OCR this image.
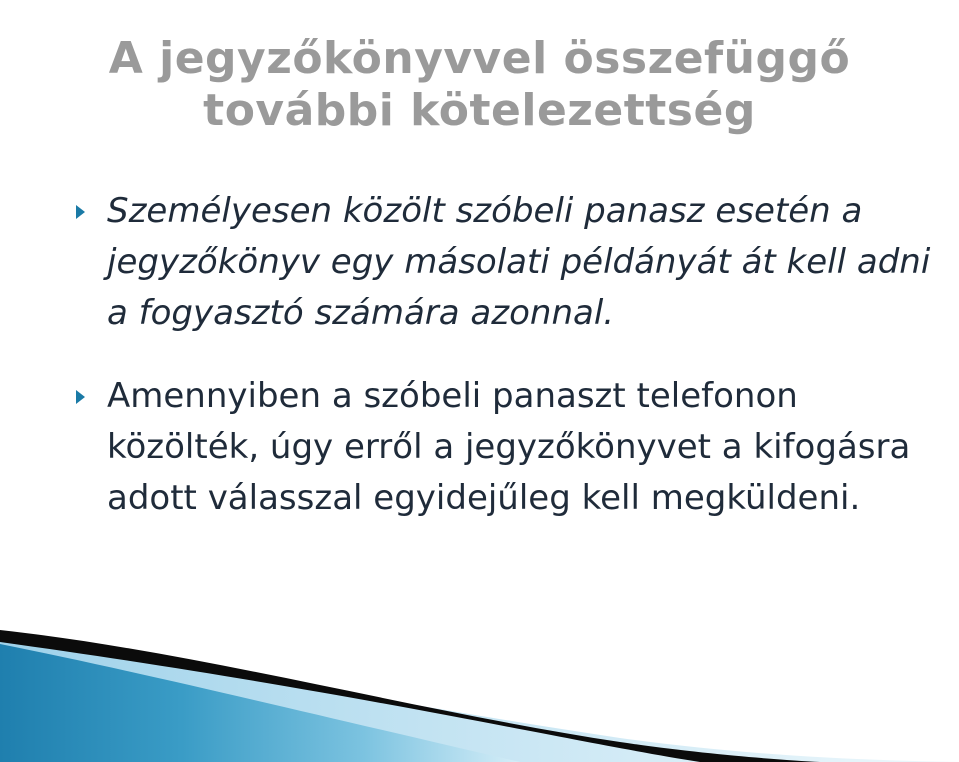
A jegyzőkönyvvel összefüggő
további kötelezettség
Személyesen közölt szóbeli panasz esetén a jegyzőkönyv egy másolati példányát át kell adni a fogyasztó számára azonnal.
Amennyiben a szóbeli panaszt telefonon közölték, úgy erről a jegyzőkönyvet a kifogásra adott válasszal egyidejűleg kell megküldeni.
